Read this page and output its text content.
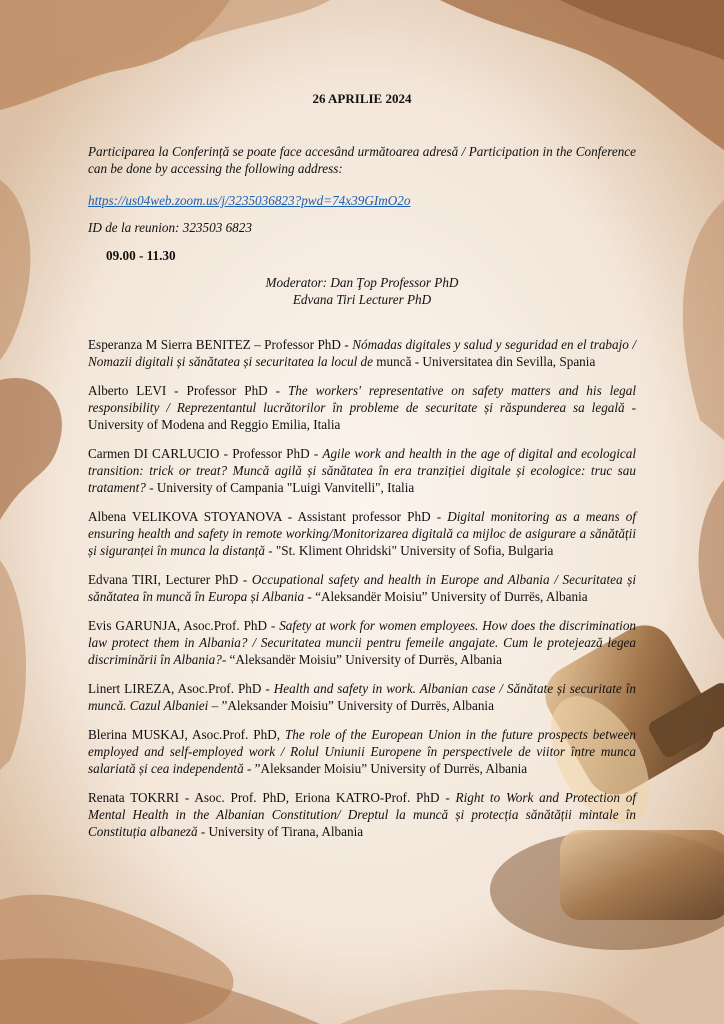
26 APRILIE 2024
Participarea la Conferință se poate face accesând următoarea adresă / Participation in the Conference can be done by accessing the following address:
https://us04web.zoom.us/j/3235036823?pwd=74x39GImO2o
ID de la reunion: 323503 6823
09.00 - 11.30
Moderator: Dan Ţop Professor PhD
Edvana Tiri Lecturer PhD

Esperanza M Sierra BENITEZ – Professor PhD - Nómadas digitales y salud y seguridad en el trabajo / Nomazii digitali și sănătatea și securitatea la locul de muncă - Universitatea din Sevilla, Spania

Alberto LEVI - Professor PhD - The workers' representative on safety matters and his legal responsibility / Reprezentantul lucrătorilor în probleme de securitate și răspunderea sa legală - University of Modena and Reggio Emilia, Italia

Carmen DI CARLUCIO - Professor PhD - Agile work and health in the age of digital and ecological transition: trick or treat? Muncă agilă și sănătatea în era tranziției digitale și ecologice: truc sau tratament? - University of Campania "Luigi Vanvitelli", Italia

Albena VELIKOVA STOYANOVA - Assistant professor PhD - Digital monitoring as a means of ensuring health and safety in remote working/Monitorizarea digitală ca mijloc de asigurare a sănătății și siguranței în munca la distanță - "St. Kliment Ohridski" University of Sofia, Bulgaria

Edvana TIRI, Lecturer PhD - Occupational safety and health in Europe and Albania / Securitatea și sănătatea în muncă în Europa și Albania - “Aleksandër Moisiu” University of Durrës, Albania

Evis GARUNJA, Asoc.Prof. PhD - Safety at work for women employees. How does the discrimination law protect them in Albania? / Securitatea muncii pentru femeile angajate. Cum le protejează legea discriminării în Albania?- “Aleksandër Moisiu” University of Durrës, Albania

Linert LIREZA, Asoc.Prof. PhD - Health and safety in work. Albanian case / Sănătate și securitate în muncă. Cazul Albaniei – ”Aleksander Moisiu” University of Durrës, Albania

Blerina MUSKAJ, Asoc.Prof. PhD, The role of the European Union in the future prospects between employed and self-employed work / Rolul Uniunii Europene în perspectivele de viitor între munca salariată și cea independentă - ”Aleksander Moisiu” University of Durrës, Albania

Renata TOKRRI - Asoc. Prof. PhD, Eriona KATRO-Prof. PhD - Right to Work and Protection of Mental Health in the Albanian Constitution/ Dreptul la muncă și protecția sănătății mintale în Constituția albaneză - University of Tirana, Albania
